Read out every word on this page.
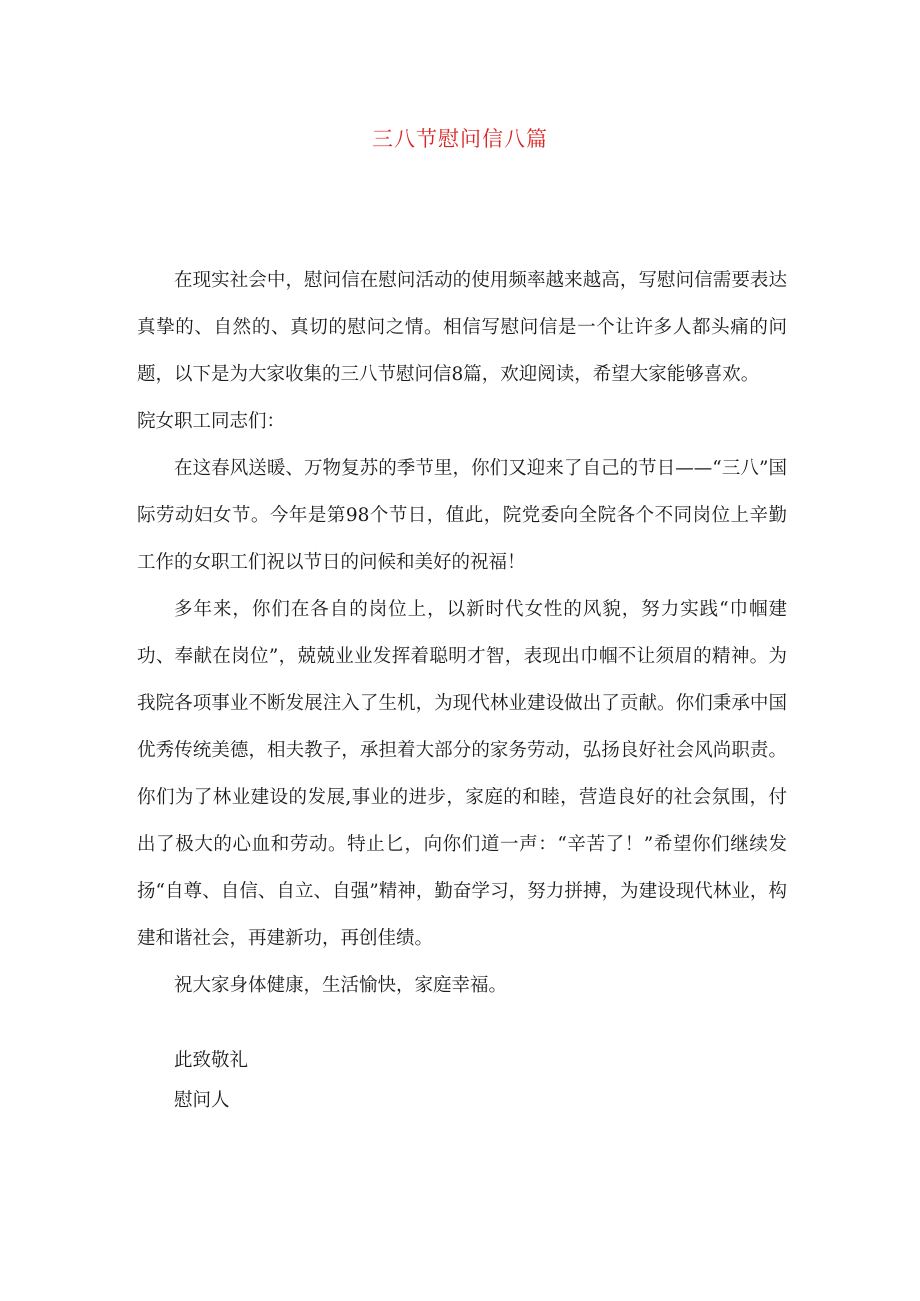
三八节慰问信八篇

在现实社会中，慰问信在慰问活动的使用频率越来越高，写慰问信需要表达真挚的、自然的、真切的慰问之情。相信写慰问信是一个让许多人都头痛的问题，以下是为大家收集的三八节慰问信8篇，欢迎阅读，希望大家能够喜欢。

院女职工同志们：

在这春风送暖、万物复苏的季节里，你们又迎来了自己的节日——“三八”国际劳动妇女节。今年是第98个节日，值此，院党委向全院各个不同岗位上辛勤工作的女职工们祝以节日的问候和美好的祝福！

多年来，你们在各自的岗位上，以新时代女性的风貌，努力实践“巾帼建功、奉献在岗位”，兢兢业业发挥着聪明才智，表现出巾帼不让须眉的精神。为我院各项事业不断发展注入了生机，为现代林业建设做出了贡献。你们秉承中国优秀传统美德，相夫教子，承担着大部分的家务劳动，弘扬良好社会风尚职责。你们为了林业建设的发展,事业的进步，家庭的和睦，营造良好的社会氛围，付出了极大的心血和劳动。特止匕，向你们道一声：“辛苦了！”希望你们继续发扬“自尊、自信、自立、自强”精神，勤奋学习，努力拼搏，为建设现代林业，构建和谐社会，再建新功，再创佳绩。

祝大家身体健康，生活愉快，家庭幸福。

此致敬礼

慰问人
